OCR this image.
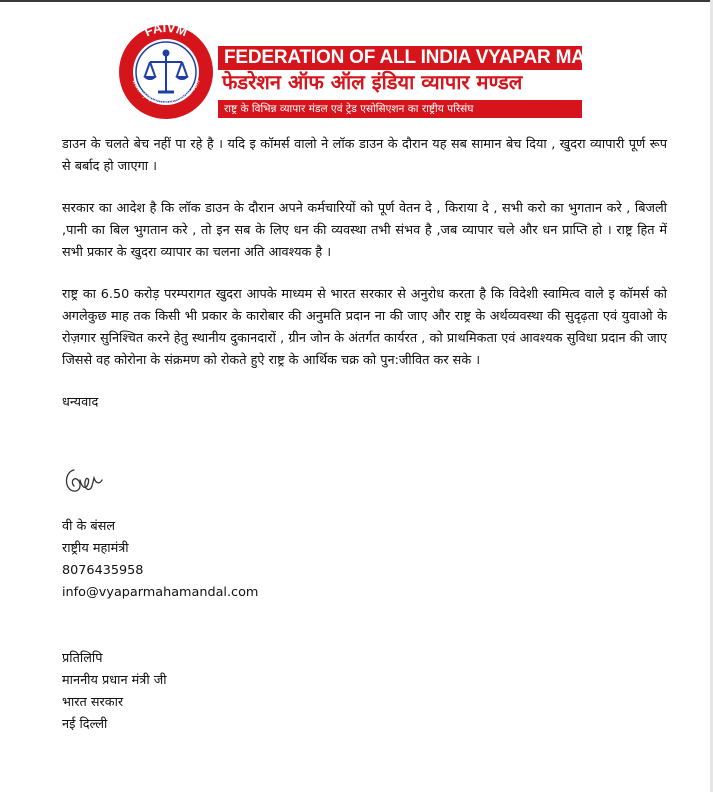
FAIVM
www.vyaparmahamandal.com
FEDERATION OF ALL INDIA VYAPAR MANDAL
फेडरेशन ऑफ ऑल इंडिया व्यापार मण्डल
राष्ट्र के विभिन्न व्यापार मंडल एवं ट्रेड एसोसिएशन का राष्ट्रीय परिसंघ

डाउन के चलते बेच नहीं पा रहे है । यदि इ कॉमर्स वालो ने लॉक डाउन के दौरान यह सब सामान बेच दिया , खुदरा व्यापारी पूर्ण रूप से बर्बाद हो जाएगा ।

सरकार का आदेश है कि लॉक डाउन के दौरान अपने कर्मचारियों को पूर्ण वेतन दे , किराया दे , सभी करो का भुगतान करे , बिजली ,पानी का बिल भुगतान करे , तो इन सब के लिए धन की व्यवस्था तभी संभव है ,जब व्यापार चले और धन प्राप्ति हो । राष्ट्र हित में सभी प्रकार के खुदरा व्यापार का चलना अति आवश्यक है ।

राष्ट्र का 6.50 करोड़ परम्परागत खुदरा आपके माध्यम से भारत सरकार से अनुरोध करता है कि विदेशी स्वामित्व वाले इ कॉमर्स को अगलेकुछ माह तक किसी भी प्रकार के कारोबार की अनुमति प्रदान ना की जाए और राष्ट्र के अर्थव्यवस्था की सुदृढ़ता एवं युवाओ के रोज़गार सुनिश्चित करने हेतु स्थानीय दुकानदारों , ग्रीन जोन के अंतर्गत कार्यरत , को प्राथमिकता एवं आवश्यक सुविधा प्रदान की जाए जिससे वह कोरोना के संक्रमण को रोकते हुऐ राष्ट्र के आर्थिक चक्र को पुन:जीवित कर सके ।

धन्यवाद
वी के बंसल
राष्ट्रीय महामंत्री
8076435958
info@vyaparmahamandal.com
प्रतिलिपि
माननीय प्रधान मंत्री जी
भारत सरकार
नई दिल्ली
